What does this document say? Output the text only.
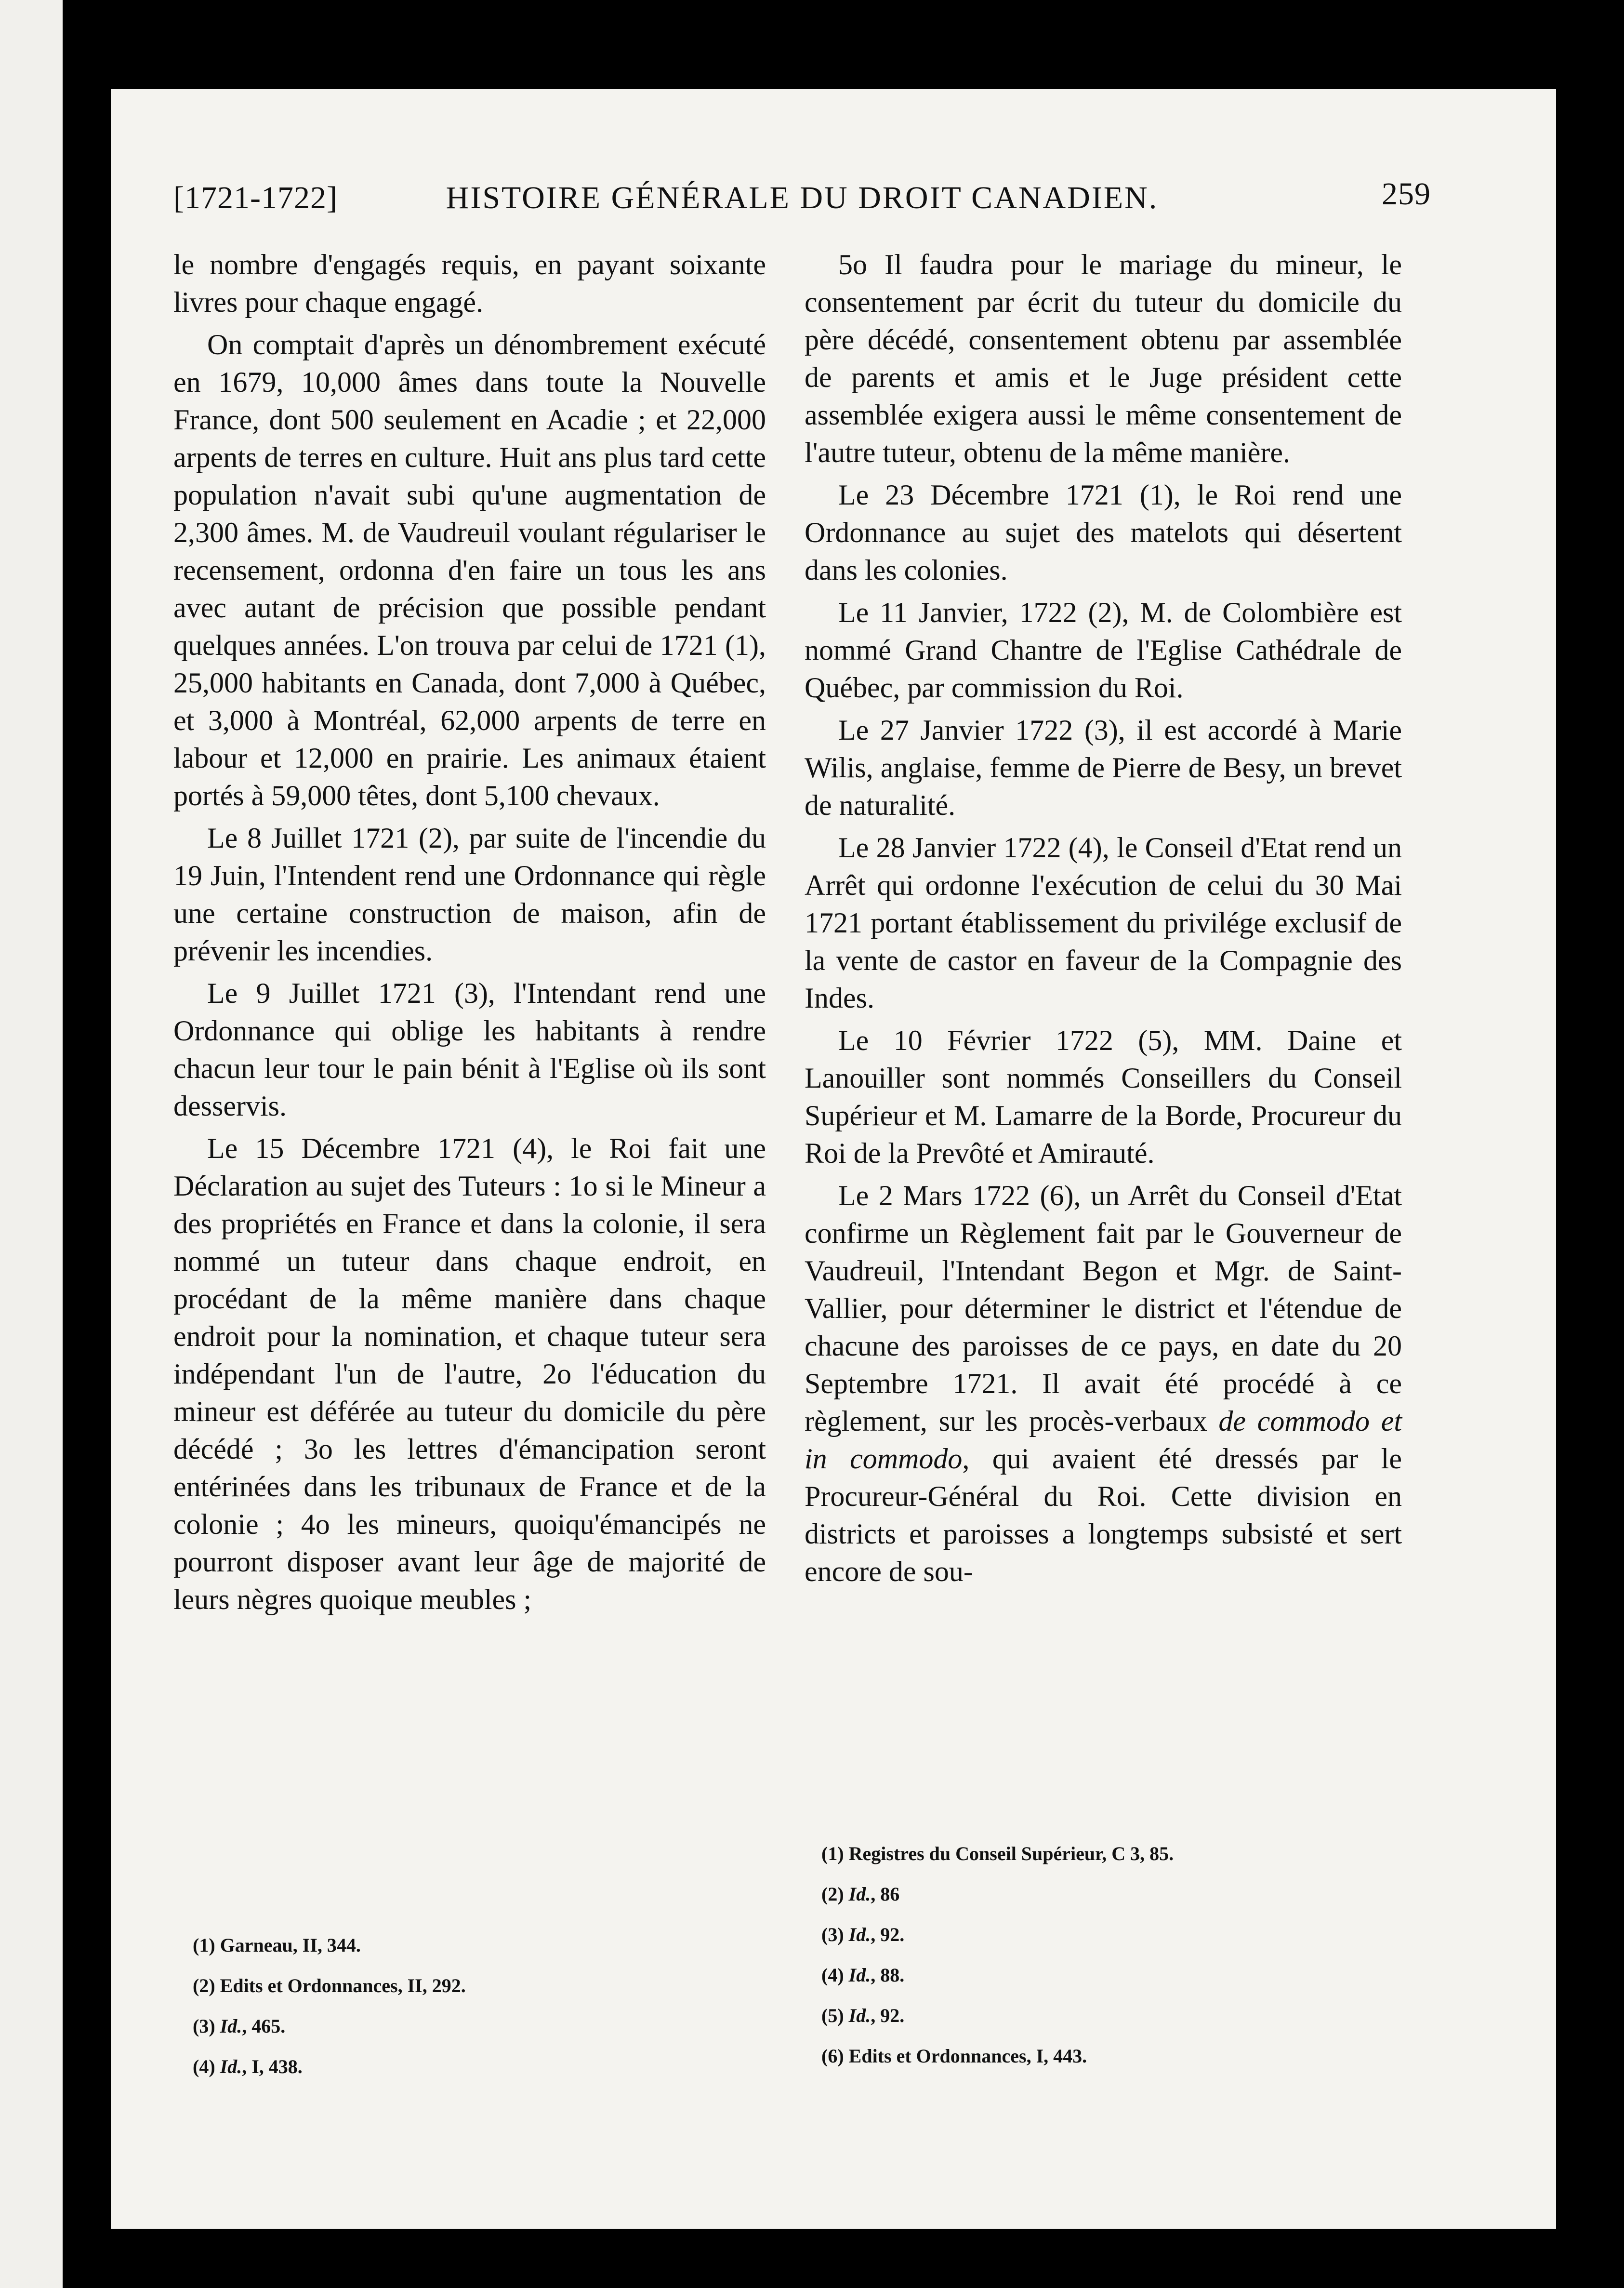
[1721-1722]	HISTOIRE GÉNÉRALE DU DROIT CANADIEN.	259

le nombre d'engagés requis, en payant soixante livres pour chaque engagé.

On comptait d'après un dénombrement exécuté en 1679, 10,000 âmes dans toute la Nouvelle France, dont 500 seulement en Acadie ; et 22,000 arpents de terres en culture. Huit ans plus tard cette population n'avait subi qu'une augmentation de 2,300 âmes. M. de Vaudreuil voulant régulariser le recensement, ordonna d'en faire un tous les ans avec autant de précision que possible pendant quelques années. L'on trouva par celui de 1721 (1), 25,000 habitants en Canada, dont 7,000 à Québec, et 3,000 à Montréal, 62,000 arpents de terre en labour et 12,000 en prairie. Les animaux étaient portés à 59,000 têtes, dont 5,100 chevaux.

Le 8 Juillet 1721 (2), par suite de l'incendie du 19 Juin, l'Intendent rend une Ordonnance qui règle une certaine construction de maison, afin de prévenir les incendies.

Le 9 Juillet 1721 (3), l'Intendant rend une Ordonnance qui oblige les habitants à rendre chacun leur tour le pain bénit à l'Eglise où ils sont desservis.

Le 15 Décembre 1721 (4), le Roi fait une Déclaration au sujet des Tuteurs : 1o si le Mineur a des propriétés en France et dans la colonie, il sera nommé un tuteur dans chaque endroit, en procédant de la même manière dans chaque endroit pour la nomination, et chaque tuteur sera indépendant l'un de l'autre, 2o l'éducation du mineur est déférée au tuteur du domicile du père décédé ; 3o les lettres d'émancipation seront entérinées dans les tribunaux de France et de la colonie ; 4o les mineurs, quoiqu'émancipés ne pourront disposer avant leur âge de majorité de leurs nègres quoique meubles ;

5o Il faudra pour le mariage du mineur, le consentement par écrit du tuteur du domicile du père décédé, consentement obtenu par assemblée de parents et amis et le Juge président cette assemblée exigera aussi le même consentement de l'autre tuteur, obtenu de la même manière.

Le 23 Décembre 1721 (1), le Roi rend une Ordonnance au sujet des matelots qui désertent dans les colonies.

Le 11 Janvier, 1722 (2), M. de Colombière est nommé Grand Chantre de l'Eglise Cathédrale de Québec, par commission du Roi.

Le 27 Janvier 1722 (3), il est accordé à Marie Wilis, anglaise, femme de Pierre de Besy, un brevet de naturalité.

Le 28 Janvier 1722 (4), le Conseil d'Etat rend un Arrêt qui ordonne l'exécution de celui du 30 Mai 1721 portant établissement du privilége exclusif de la vente de castor en faveur de la Compagnie des Indes.

Le 10 Février 1722 (5), MM. Daine et Lanouiller sont nommés Conseillers du Conseil Supérieur et M. Lamarre de la Borde, Procureur du Roi de la Prevôté et Amirauté.

Le 2 Mars 1722 (6), un Arrêt du Conseil d'Etat confirme un Règlement fait par le Gouverneur de Vaudreuil, l'Intendant Begon et Mgr. de Saint-Vallier, pour déterminer le district et l'étendue de chacune des paroisses de ce pays, en date du 20 Septembre 1721. Il avait été procédé à ce règlement, sur les procès-verbaux de commodo et in commodo, qui avaient été dressés par le Procureur-Général du Roi. Cette division en districts et paroisses a longtemps subsisté et sert encore de sou-

(1) Garneau, II, 344.
(2) Edits et Ordonnances, II, 292.
(3) Id., 465.
(4) Id., I, 438.
(1) Registres du Conseil Supérieur, C 3, 85.
(2) Id., 86
(3) Id., 92.
(4) Id., 88.
(5) Id., 92.
(6) Edits et Ordonnances, I, 443.
